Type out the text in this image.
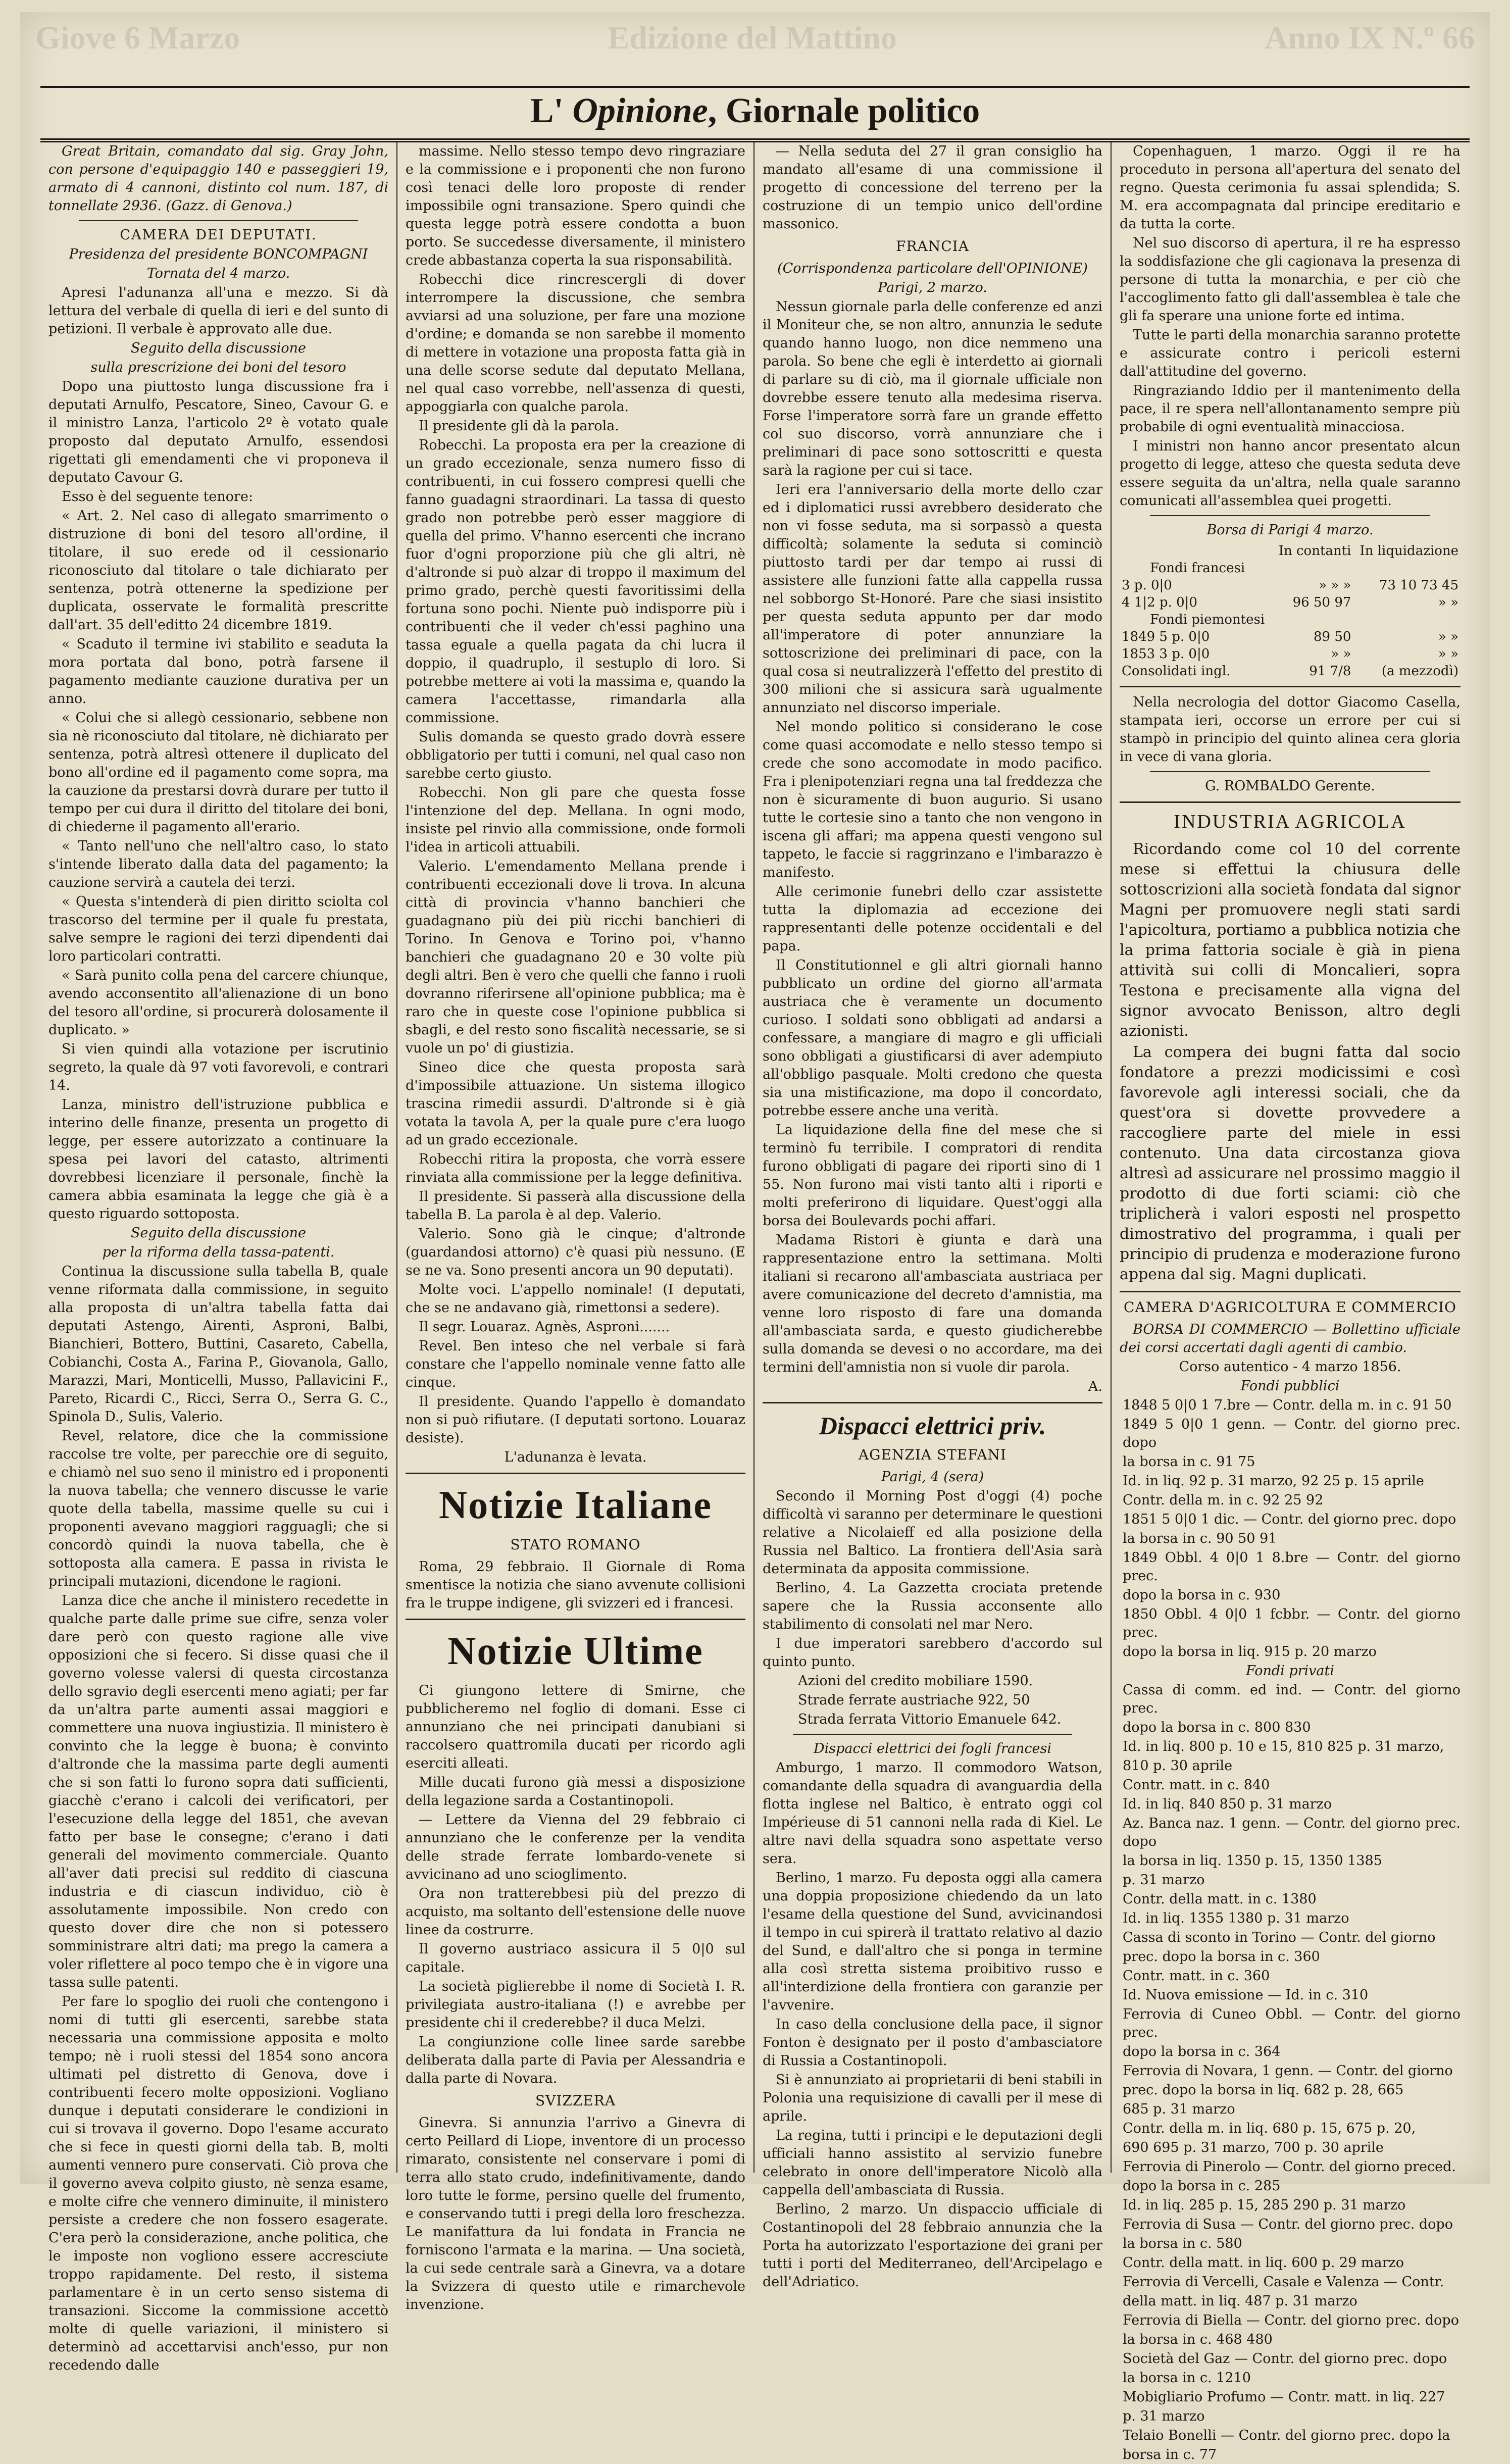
Giove 6 Marzo	Edizione del Mattino	Anno IX N.º 66
L' Opinione, Giornale politico

Great Britain, comandato dal sig. Gray John, con persone d'equipaggio 140 e passeggieri 19, armato di 4 cannoni, distinto col num. 187, di tonnellate 2936. (Gazz. di Genova.)

CAMERA DEI DEPUTATI.

Presidenza del presidente BONCOMPAGNI

Tornata del 4 marzo.

Apresi l'adunanza all'una e mezzo. Si dà lettura del verbale di quella di ieri e del sunto di petizioni. Il verbale è approvato alle due.

Seguito della discussione

sulla prescrizione dei boni del tesoro

Dopo una piuttosto lunga discussione fra i deputati Arnulfo, Pescatore, Sineo, Cavour G. e il ministro Lanza, l'articolo 2º è votato quale proposto dal deputato Arnulfo, essendosi rigettati gli emendamenti che vi proponeva il deputato Cavour G.

Esso è del seguente tenore:

« Art. 2. Nel caso di allegato smarrimento o distruzione di boni del tesoro all'ordine, il titolare, il suo erede od il cessionario riconosciuto dal titolare o tale dichiarato per sentenza, potrà ottenerne la spedizione per duplicata, osservate le formalità prescritte dall'art. 35 dell'editto 24 dicembre 1819.

« Scaduto il termine ivi stabilito e seaduta la mora portata dal bono, potrà farsene il pagamento mediante cauzione durativa per un anno.

« Colui che si allegò cessionario, sebbene non sia nè riconosciuto dal titolare, nè dichiarato per sentenza, potrà altresì ottenere il duplicato del bono all'ordine ed il pagamento come sopra, ma la cauzione da prestarsi dovrà durare per tutto il tempo per cui dura il diritto del titolare dei boni, di chiederne il pagamento all'erario.

« Tanto nell'uno che nell'altro caso, lo stato s'intende liberato dalla data del pagamento; la cauzione servirà a cautela dei terzi.

« Questa s'intenderà di pien diritto sciolta col trascorso del termine per il quale fu prestata, salve sempre le ragioni dei terzi dipendenti dai loro particolari contratti.

« Sarà punito colla pena del carcere chiunque, avendo acconsentito all'alienazione di un bono del tesoro all'ordine, si procurerà dolosamente il duplicato. »

Si vien quindi alla votazione per iscrutinio segreto, la quale dà 97 voti favorevoli, e contrari 14.

Lanza, ministro dell'istruzione pubblica e interino delle finanze, presenta un progetto di legge, per essere autorizzato a continuare la spesa pei lavori del catasto, altrimenti dovrebbesi licenziare il personale, finchè la camera abbia esaminata la legge che già è a questo riguardo sottoposta.

Seguito della discussione

per la riforma della tassa-patenti.

Continua la discussione sulla tabella B, quale venne riformata dalla commissione, in seguito alla proposta di un'altra tabella fatta dai deputati Astengo, Airenti, Asproni, Balbi, Bianchieri, Bottero, Buttini, Casareto, Cabella, Cobianchi, Costa A., Farina P., Giovanola, Gallo, Marazzi, Mari, Monticelli, Musso, Pallavicini F., Pareto, Ricardi C., Ricci, Serra O., Serra G. C., Spinola D., Sulis, Valerio.

Revel, relatore, dice che la commissione raccolse tre volte, per parecchie ore di seguito, e chiamò nel suo seno il ministro ed i proponenti la nuova tabella; che vennero discusse le varie quote della tabella, massime quelle su cui i proponenti avevano maggiori ragguagli; che si concordò quindi la nuova tabella, che è sottoposta alla camera. E passa in rivista le principali mutazioni, dicendone le ragioni.

Lanza dice che anche il ministero recedette in qualche parte dalle prime sue cifre, senza voler dare però con questo ragione alle vive opposizioni che si fecero. Si disse quasi che il governo volesse valersi di questa circostanza dello sgravio degli esercenti meno agiati; per far da un'altra parte aumenti assai maggiori e commettere una nuova ingiustizia. Il ministero è convinto che la legge è buona; è convinto d'altronde che la massima parte degli aumenti che si son fatti lo furono sopra dati sufficienti, giacchè c'erano i calcoli dei verificatori, per l'esecuzione della legge del 1851, che avevan fatto per base le consegne; c'erano i dati generali del movimento commerciale. Quanto all'aver dati precisi sul reddito di ciascuna industria e di ciascun individuo, ciò è assolutamente impossibile. Non credo con questo dover dire che non si potessero somministrare altri dati; ma prego la camera a voler riflettere al poco tempo che è in vigore una tassa sulle patenti.

Per fare lo spoglio dei ruoli che contengono i nomi di tutti gli esercenti, sarebbe stata necessaria una commissione apposita e molto tempo; nè i ruoli stessi del 1854 sono ancora ultimati pel distretto di Genova, dove i contribuenti fecero molte opposizioni. Vogliano dunque i deputati considerare le condizioni in cui si trovava il governo. Dopo l'esame accurato che si fece in questi giorni della tab. B, molti aumenti vennero pure conservati. Ciò prova che il governo aveva colpito giusto, nè senza esame, e molte cifre che vennero diminuite, il ministero persiste a credere che non fossero esagerate. C'era però la considerazione, anche politica, che le imposte non vogliono essere accresciute troppo rapidamente. Del resto, il sistema parlamentare è in un certo senso sistema di transazioni. Siccome la commissione accettò molte di quelle variazioni, il ministero si determinò ad accettarvisi anch'esso, pur non recedendo dalle

massime. Nello stesso tempo devo ringraziare e la commissione e i proponenti che non furono così tenaci delle loro proposte di render impossibile ogni transazione. Spero quindi che questa legge potrà essere condotta a buon porto. Se succedesse diversamente, il ministero crede abbastanza coperta la sua risponsabilità.

Robecchi dice rincrescergli di dover interrompere la discussione, che sembra avviarsi ad una soluzione, per fare una mozione d'ordine; e domanda se non sarebbe il momento di mettere in votazione una proposta fatta già in una delle scorse sedute dal deputato Mellana, nel qual caso vorrebbe, nell'assenza di questi, appoggiarla con qualche parola.

Il presidente gli dà la parola.

Robecchi. La proposta era per la creazione di un grado eccezionale, senza numero fisso di contribuenti, in cui fossero compresi quelli che fanno guadagni straordinari. La tassa di questo grado non potrebbe però esser maggiore di quella del primo. V'hanno esercenti che incrano fuor d'ogni proporzione più che gli altri, nè d'altronde si può alzar di troppo il maximum del primo grado, perchè questi favoritissimi della fortuna sono pochi. Niente può indisporre più i contribuenti che il veder ch'essi paghino una tassa eguale a quella pagata da chi lucra il doppio, il quadruplo, il sestuplo di loro. Si potrebbe mettere ai voti la massima e, quando la camera l'accettasse, rimandarla alla commissione.

Sulis domanda se questo grado dovrà essere obbligatorio per tutti i comuni, nel qual caso non sarebbe certo giusto.

Robecchi. Non gli pare che questa fosse l'intenzione del dep. Mellana. In ogni modo, insiste pel rinvio alla commissione, onde formoli l'idea in articoli attuabili.

Valerio. L'emendamento Mellana prende i contribuenti eccezionali dove li trova. In alcuna città di provincia v'hanno banchieri che guadagnano più dei più ricchi banchieri di Torino. In Genova e Torino poi, v'hanno banchieri che guadagnano 20 e 30 volte più degli altri. Ben è vero che quelli che fanno i ruoli dovranno riferirsene all'opinione pubblica; ma è raro che in queste cose l'opinione pubblica si sbagli, e del resto sono fiscalità necessarie, se si vuole un po' di giustizia.

Sineo dice che questa proposta sarà d'impossibile attuazione. Un sistema illogico trascina rimedii assurdi. D'altronde si è già votata la tavola A, per la quale pure c'era luogo ad un grado eccezionale.

Robecchi ritira la proposta, che vorrà essere rinviata alla commissione per la legge definitiva.

Il presidente. Si passerà alla discussione della tabella B. La parola è al dep. Valerio.

Valerio. Sono già le cinque; d'altronde (guardandosi attorno) c'è quasi più nessuno. (E se ne va. Sono presenti ancora un 90 deputati).

Molte voci. L'appello nominale! (I deputati, che se ne andavano già, rimettonsi a sedere).

Il segr. Louaraz. Agnès, Asproni.......

Revel. Ben inteso che nel verbale si farà constare che l'appello nominale venne fatto alle cinque.

Il presidente. Quando l'appello è domandato non si può rifiutare. (I deputati sortono. Louaraz desiste).

L'adunanza è levata.

Notizie Italiane

STATO ROMANO

Roma, 29 febbraio. Il Giornale di Roma smentisce la notizia che siano avvenute collisioni fra le truppe indigene, gli svizzeri ed i francesi.

Notizie Ultime

Ci giungono lettere di Smirne, che pubblicheremo nel foglio di domani. Esse ci annunziano che nei principati danubiani si raccolsero quattromila ducati per ricordo agli eserciti alleati.

Mille ducati furono già messi a disposizione della legazione sarda a Costantinopoli.

— Lettere da Vienna del 29 febbraio ci annunziano che le conferenze per la vendita delle strade ferrate lombardo-venete si avvicinano ad uno scioglimento.

Ora non tratterebbesi più del prezzo di acquisto, ma soltanto dell'estensione delle nuove linee da costrurre.

Il governo austriaco assicura il 5 0|0 sul capitale.

La società piglierebbe il nome di Società I. R. privilegiata austro-italiana (!) e avrebbe per presidente chi il crederebbe? il duca Melzi.

La congiunzione colle linee sarde sarebbe deliberata dalla parte di Pavia per Alessandria e dalla parte di Novara.

SVIZZERA

Ginevra. Si annunzia l'arrivo a Ginevra di certo Peillard di Liope, inventore di un processo rimarato, consistente nel conservare i pomi di terra allo stato crudo, indefinitivamente, dando loro tutte le forme, persino quelle del frumento, e conservando tutti i pregi della loro freschezza. Le manifattura da lui fondata in Francia ne forniscono l'armata e la marina. — Una società, la cui sede centrale sarà a Ginevra, va a dotare la Svizzera di questo utile e rimarchevole invenzione.

— Nella seduta del 27 il gran consiglio ha mandato all'esame di una commissione il progetto di concessione del terreno per la costruzione di un tempio unico dell'ordine massonico.

FRANCIA

(Corrispondenza particolare dell'OPINIONE)

Parigi, 2 marzo.

Nessun giornale parla delle conferenze ed anzi il Moniteur che, se non altro, annunzia le sedute quando hanno luogo, non dice nemmeno una parola. So bene che egli è interdetto ai giornali di parlare su di ciò, ma il giornale ufficiale non dovrebbe essere tenuto alla medesima riserva. Forse l'imperatore sorrà fare un grande effetto col suo discorso, vorrà annunziare che i preliminari di pace sono sottoscritti e questa sarà la ragione per cui si tace.

Ieri era l'anniversario della morte dello czar ed i diplomatici russi avrebbero desiderato che non vi fosse seduta, ma si sorpassò a questa difficoltà; solamente la seduta si cominciò piuttosto tardi per dar tempo ai russi di assistere alle funzioni fatte alla cappella russa nel sobborgo St-Honoré. Pare che siasi insistito per questa seduta appunto per dar modo all'imperatore di poter annunziare la sottoscrizione dei preliminari di pace, con la qual cosa si neutralizzerà l'effetto del prestito di 300 milioni che si assicura sarà ugualmente annunziato nel discorso imperiale.

Nel mondo politico si considerano le cose come quasi accomodate e nello stesso tempo si crede che sono accomodate in modo pacifico. Fra i plenipotenziari regna una tal freddezza che non è sicuramente di buon augurio. Si usano tutte le cortesie sino a tanto che non vengono in iscena gli affari; ma appena questi vengono sul tappeto, le faccie si raggrinzano e l'imbarazzo è manifesto.

Alle cerimonie funebri dello czar assistette tutta la diplomazia ad eccezione dei rappresentanti delle potenze occidentali e del papa.

Il Constitutionnel e gli altri giornali hanno pubblicato un ordine del giorno all'armata austriaca che è veramente un documento curioso. I soldati sono obbligati ad andarsi a confessare, a mangiare di magro e gli ufficiali sono obbligati a giustificarsi di aver adempiuto all'obbligo pasquale. Molti credono che questa sia una mistificazione, ma dopo il concordato, potrebbe essere anche una verità.

La liquidazione della fine del mese che si terminò fu terribile. I compratori di rendita furono obbligati di pagare dei riporti sino di 1 55. Non furono mai visti tanto alti i riporti e molti preferirono di liquidare. Quest'oggi alla borsa dei Boulevards pochi affari.

Madama Ristori è giunta e darà una rappresentazione entro la settimana. Molti italiani si recarono all'ambasciata austriaca per avere comunicazione del decreto d'amnistia, ma venne loro risposto di fare una domanda all'ambasciata sarda, e questo giudicherebbe sulla domanda se devesi o no accordare, ma dei termini dell'amnistia non si vuole dir parola.

A.

Dispacci elettrici priv.

AGENZIA STEFANI

Parigi, 4 (sera)

Secondo il Morning Post d'oggi (4) poche difficoltà vi saranno per determinare le questioni relative a Nicolaieff ed alla posizione della Russia nel Baltico. La frontiera dell'Asia sarà determinata da apposita commissione.

Berlino, 4. La Gazzetta crociata pretende sapere che la Russia acconsente allo stabilimento di consolati nel mar Nero.

I due imperatori sarebbero d'accordo sul quinto punto.

Azioni del credito mobiliare 1590.

Strade ferrate austriache 922, 50

Strada ferrata Vittorio Emanuele 642.

Dispacci elettrici dei fogli francesi

Amburgo, 1 marzo. Il commodoro Watson, comandante della squadra di avanguardia della flotta inglese nel Baltico, è entrato oggi col Impérieuse di 51 cannoni nella rada di Kiel. Le altre navi della squadra sono aspettate verso sera.

Berlino, 1 marzo. Fu deposta oggi alla camera una doppia proposizione chiedendo da un lato l'esame della questione del Sund, avvicinandosi il tempo in cui spirerà il trattato relativo al dazio del Sund, e dall'altro che si ponga in termine alla così stretta sistema proibitivo russo e all'interdizione della frontiera con garanzie per l'avvenire.

In caso della conclusione della pace, il signor Fonton è designato per il posto d'ambasciatore di Russia a Costantinopoli.

Si è annunziato ai proprietarii di beni stabili in Polonia una requisizione di cavalli per il mese di aprile.

La regina, tutti i principi e le deputazioni degli ufficiali hanno assistito al servizio funebre celebrato in onore dell'imperatore Nicolò alla cappella dell'ambasciata di Russia.

Berlino, 2 marzo. Un dispaccio ufficiale di Costantinopoli del 28 febbraio annunzia che la Porta ha autorizzato l'esportazione dei grani per tutti i porti del Mediterraneo, dell'Arcipelago e dell'Adriatico.

Copenhaguen, 1 marzo. Oggi il re ha proceduto in persona all'apertura del senato del regno. Questa cerimonia fu assai splendida; S. M. era accompagnata dal principe ereditario e da tutta la corte.

Nel suo discorso di apertura, il re ha espresso la soddisfazione che gli cagionava la presenza di persone di tutta la monarchia, e per ciò che l'accoglimento fatto gli dall'assemblea è tale che gli fa sperare una unione forte ed intima.

Tutte le parti della monarchia saranno protette e assicurate contro i pericoli esterni dall'attitudine del governo.

Ringraziando Iddio per il mantenimento della pace, il re spera nell'allontanamento sempre più probabile di ogni eventualità minacciosa.

I ministri non hanno ancor presentato alcun progetto di legge, atteso che questa seduta deve essere seguita da un'altra, nella quale saranno comunicati all'assemblea quei progetti.

Borsa di Parigi 4 marzo.

	In contanti	In liquidazione
Fondi francesi		
3 p. 0|0	» » »	73 10 73 45
4 1|2 p. 0|0	96 50 97	» »
Fondi piemontesi		
1849 5 p. 0|0	89 50	» »
1853 3 p. 0|0	» »	» »
Consolidati ingl.	91 7/8	(a mezzodì)

Nella necrologia del dottor Giacomo Casella, stampata ieri, occorse un errore per cui si stampò in principio del quinto alinea cera gloria in vece di vana gloria.

G. ROMBALDO Gerente.

INDUSTRIA AGRICOLA

Ricordando come col 10 del corrente mese si effettui la chiusura delle sottoscrizioni alla società fondata dal signor Magni per promuovere negli stati sardi l'apicoltura, portiamo a pubblica notizia che la prima fattoria sociale è già in piena attività sui colli di Moncalieri, sopra Testona e precisamente alla vigna del signor avvocato Benisson, altro degli azionisti.

La compera dei bugni fatta dal socio fondatore a prezzi modicissimi e così favorevole agli interessi sociali, che da quest'ora si dovette provvedere a raccogliere parte del miele in essi contenuto. Una data circostanza giova altresì ad assicurare nel prossimo maggio il prodotto di due forti sciami: ciò che triplicherà i valori esposti nel prospetto dimostrativo del programma, i quali per principio di prudenza e moderazione furono appena dal sig. Magni duplicati.

CAMERA D'AGRICOLTURA E COMMERCIO

BORSA DI COMMERCIO — Bollettino ufficiale dei corsi accertati dagli agenti di cambio.

Corso autentico - 4 marzo 1856.

Fondi pubblici

1848 5 0|0 1 7.bre — Contr. della m. in c. 91 50

1849 5 0|0 1 genn. — Contr. del giorno prec. dopo

la borsa in c. 91 75

Id. in liq. 92 p. 31 marzo, 92 25 p. 15 aprile

Contr. della m. in c. 92 25 92

1851 5 0|0 1 dic. — Contr. del giorno prec. dopo

la borsa in c. 90 50 91

1849 Obbl. 4 0|0 1 8.bre — Contr. del giorno prec.

dopo la borsa in c. 930

1850 Obbl. 4 0|0 1 fcbbr. — Contr. del giorno prec.

dopo la borsa in liq. 915 p. 20 marzo

Fondi privati

Cassa di comm. ed ind. — Contr. del giorno prec.

dopo la borsa in c. 800 830

Id. in liq. 800 p. 10 e 15, 810 825 p. 31 marzo,

810 p. 30 aprile

Contr. matt. in c. 840

Id. in liq. 840 850 p. 31 marzo

Az. Banca naz. 1 genn. — Contr. del giorno prec. dopo

la borsa in liq. 1350 p. 15, 1350 1385

p. 31 marzo

Contr. della matt. in c. 1380

Id. in liq. 1355 1380 p. 31 marzo

Cassa di sconto in Torino — Contr. del giorno

prec. dopo la borsa in c. 360

Contr. matt. in c. 360

Id. Nuova emissione — Id. in c. 310

Ferrovia di Cuneo Obbl. — Contr. del giorno prec.

dopo la borsa in c. 364

Ferrovia di Novara, 1 genn. — Contr. del giorno

prec. dopo la borsa in liq. 682 p. 28, 665

685 p. 31 marzo

Contr. della m. in liq. 680 p. 15, 675 p. 20,

690 695 p. 31 marzo, 700 p. 30 aprile

Ferrovia di Pinerolo — Contr. del giorno preced.

dopo la borsa in c. 285

Id. in liq. 285 p. 15, 285 290 p. 31 marzo

Ferrovia di Susa — Contr. del giorno prec. dopo

la borsa in c. 580

Contr. della matt. in liq. 600 p. 29 marzo

Ferrovia di Vercelli, Casale e Valenza — Contr.

della matt. in liq. 487 p. 31 marzo

Ferrovia di Biella — Contr. del giorno prec. dopo

la borsa in c. 468 480

Società del Gaz — Contr. del giorno prec. dopo

la borsa in c. 1210

Mobigliario Profumo — Contr. matt. in liq. 227

p. 31 marzo

Telaio Bonelli — Contr. del giorno prec. dopo la

borsa in c. 77
